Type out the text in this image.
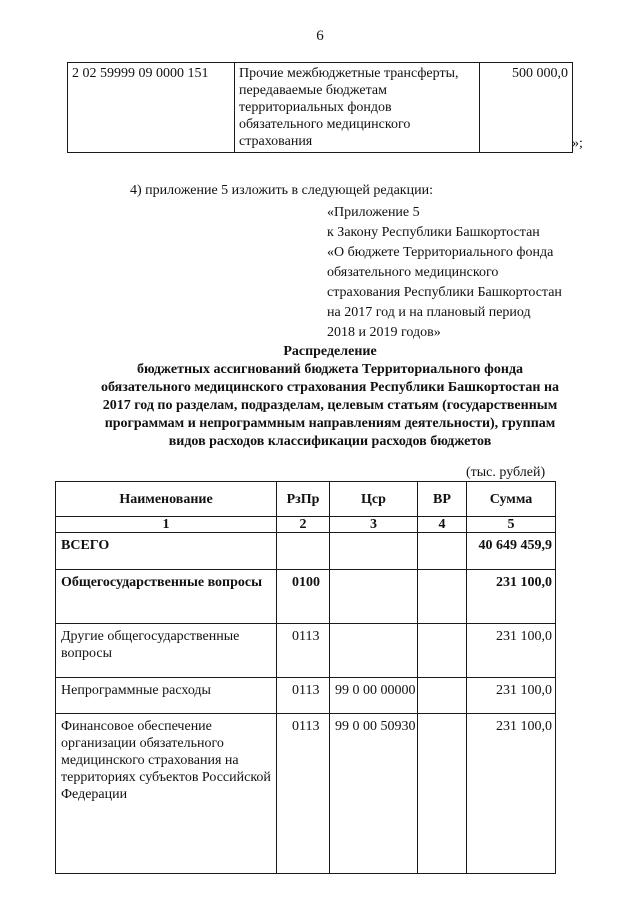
6
2 02 59999 09 0000 151	Прочие межбюджетные трансферты, передаваемые бюджетам территориальных фондов обязательного медицинского страхования	500 000,0
»;
4) приложение 5 изложить в следующей редакции:
«Приложение 5
к Закону Республики Башкортостан
«О бюджете Территориального фонда
обязательного медицинского
страхования Республики Башкортостан
на 2017 год и на плановый период
2018 и 2019 годов»
Распределение
бюджетных ассигнований бюджета Территориального фонда
обязательного медицинского страхования Республики Башкортостан на
2017 год по разделам, подразделам, целевым статьям (государственным
программам и непрограммным направлениям деятельности), группам
видов расходов классификации расходов бюджетов
(тыс. рублей)
Наименование	РзПр	Цср	ВР	Сумма
1	2	3	4	5
ВСЕГО				40 649 459,9
Общегосударственные вопросы	0100			231 100,0
Другие общегосударственные вопросы	0113			231 100,0
Непрограммные расходы	0113	99 0 00 00000		231 100,0
Финансовое обеспечение организации обязательного медицинского страхования на территориях субъектов Российской Федерации	0113	99 0 00 50930		231 100,0
